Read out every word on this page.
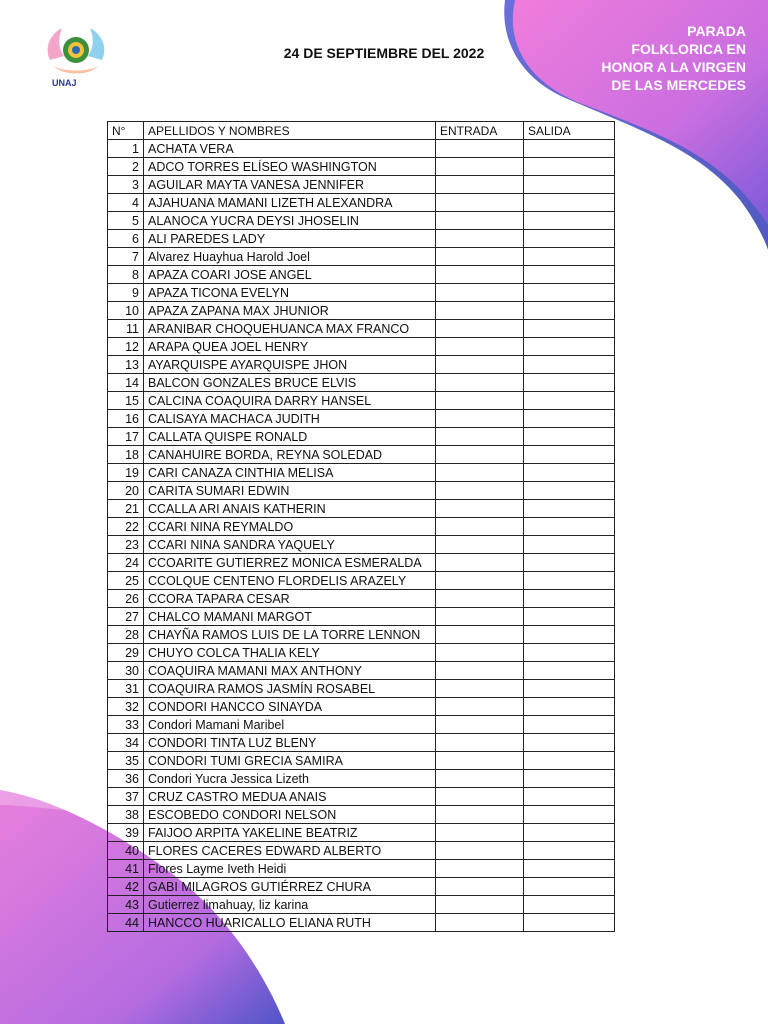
UNAJ
24 DE SEPTIEMBRE DEL 2022
PARADA
FOLKLORICA EN
HONOR A LA VIRGEN
DE LAS MERCEDES
N°	APELLIDOS Y NOMBRES	ENTRADA	SALIDA
1	ACHATA VERA		
2	ADCO TORRES ELÍSEO WASHINGTON		
3	AGUILAR MAYTA VANESA JENNIFER		
4	AJAHUANA MAMANI LIZETH ALEXANDRA		
5	ALANOCA YUCRA DEYSI JHOSELIN		
6	ALI PAREDES LADY		
7	Alvarez Huayhua Harold Joel		
8	APAZA COARI JOSE ANGEL		
9	APAZA TICONA EVELYN		
10	APAZA ZAPANA MAX JHUNIOR		
11	ARANIBAR CHOQUEHUANCA MAX FRANCO		
12	ARAPA QUEA JOEL HENRY		
13	AYARQUISPE AYARQUISPE JHON		
14	BALCON GONZALES BRUCE ELVIS		
15	CALCINA COAQUIRA DARRY HANSEL		
16	CALISAYA MACHACA JUDITH		
17	CALLATA QUISPE RONALD		
18	CANAHUIRE BORDA, REYNA SOLEDAD		
19	CARI CANAZA CINTHIA MELISA		
20	CARITA SUMARI EDWIN		
21	CCALLA ARI ANAIS KATHERIN		
22	CCARI NINA REYMALDO		
23	CCARI NINA SANDRA YAQUELY		
24	CCOARITE GUTIERREZ MONICA ESMERALDA		
25	CCOLQUE CENTENO FLORDELIS ARAZELY		
26	CCORA TAPARA CESAR		
27	CHALCO MAMANI MARGOT		
28	CHAYÑA RAMOS LUIS DE LA TORRE LENNON		
29	CHUYO COLCA THALIA KELY		
30	COAQUIRA MAMANI MAX ANTHONY		
31	COAQUIRA RAMOS JASMÍN ROSABEL		
32	CONDORI HANCCO SINAYDA		
33	Condori Mamani Maribel		
34	CONDORI TINTA LUZ BLENY		
35	CONDORI TUMI GRECIA SAMIRA		
36	Condori Yucra Jessica Lizeth		
37	CRUZ CASTRO MEDUA ANAIS		
38	ESCOBEDO CONDORI NELSON		
39	FAIJOO ARPITA YAKELINE BEATRIZ		
40	FLORES CACERES EDWARD ALBERTO		
41	Flores Layme Iveth Heidi		
42	GABI MILAGROS GUTIÉRREZ CHURA		
43	Gutierrez limahuay, liz karina		
44	HANCCO HUARICALLO ELIANA RUTH		
